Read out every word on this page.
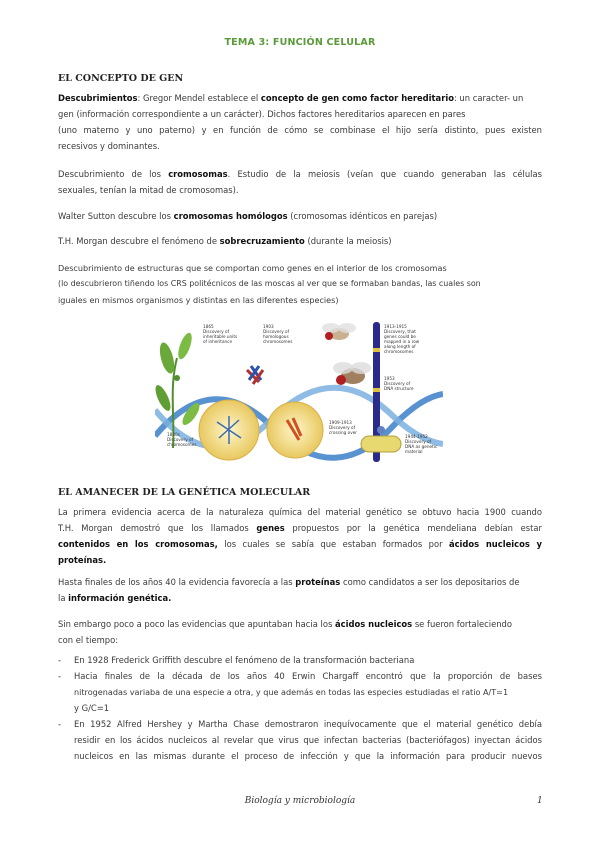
TEMA 3: FUNCIÓN CELULAR
EL CONCEPTO DE GEN
Descubrimientos: Gregor Mendel establece el concepto de gen como factor hereditario: un caracter- un
gen (información correspondiente a un carácter). Dichos factores hereditarios aparecen en pares
(uno materno y uno paterno) y en función de cómo se combinase el hijo sería distinto, pues existen
recesivos y dominantes.
Descubrimiento de los cromosomas. Estudio de la meiosis (veían que cuando generaban las células
sexuales, tenían la mitad de cromosomas).
Walter Sutton descubre los cromosomas homólogos (cromosomas idénticos en parejas)
T.H. Morgan descubre el fenómeno de sobrecruzamiento (durante la meiosis)
Descubrimiento de estructuras que se comportan como genes en el interior de los cromosomas
(lo descubrieron tiñendo los CRS politécnicos de las moscas al ver que se formaban bandas, las cuales son
iguales en mismos organismos y distintas en las diferentes especies)
1865
Discovery of
inheritable units
of inheritance
1903
Discovery of
homologous
chromosomes
1913-1915
Discovery, that
genes could be
mapped in a row
along length of
chromosomes
1953
Discovery of
DNA structure
1880s
Discovery of
chromosomes
1909-1913
Discovery of
crossing over
1944-1952
Discovery of
DNA as genetic
material
EL AMANECER DE LA GENÉTICA MOLECULAR
La primera evidencia acerca de la naturaleza química del material genético se obtuvo hacia 1900 cuando
T.H. Morgan demostró que los llamados genes propuestos por la genética mendeliana debían estar
contenidos en los cromosomas, los cuales se sabía que estaban formados por ácidos nucleicos y
proteínas.
Hasta finales de los años 40 la evidencia favorecía a las proteínas como candidatos a ser los depositarios de
la información genética.
Sin embargo poco a poco las evidencias que apuntaban hacia los ácidos nucleicos se fueron fortaleciendo
con el tiempo:
- En 1928 Frederick Griffith descubre el fenómeno de la transformación bacteriana
- Hacia finales de la década de los años 40 Erwin Chargaff encontró que la proporción de bases
nitrogenadas variaba de una especie a otra, y que además en todas las especies estudiadas el ratio A/T=1
y G/C=1
- En 1952 Alfred Hershey y Martha Chase demostraron inequívocamente que el material genético debía
residir en los ácidos nucleicos al revelar que virus que infectan bacterias (bacteriófagos) inyectan ácidos
nucleicos en las mismas durante el proceso de infección y que la información para producir nuevos
Biología y microbiología	1
